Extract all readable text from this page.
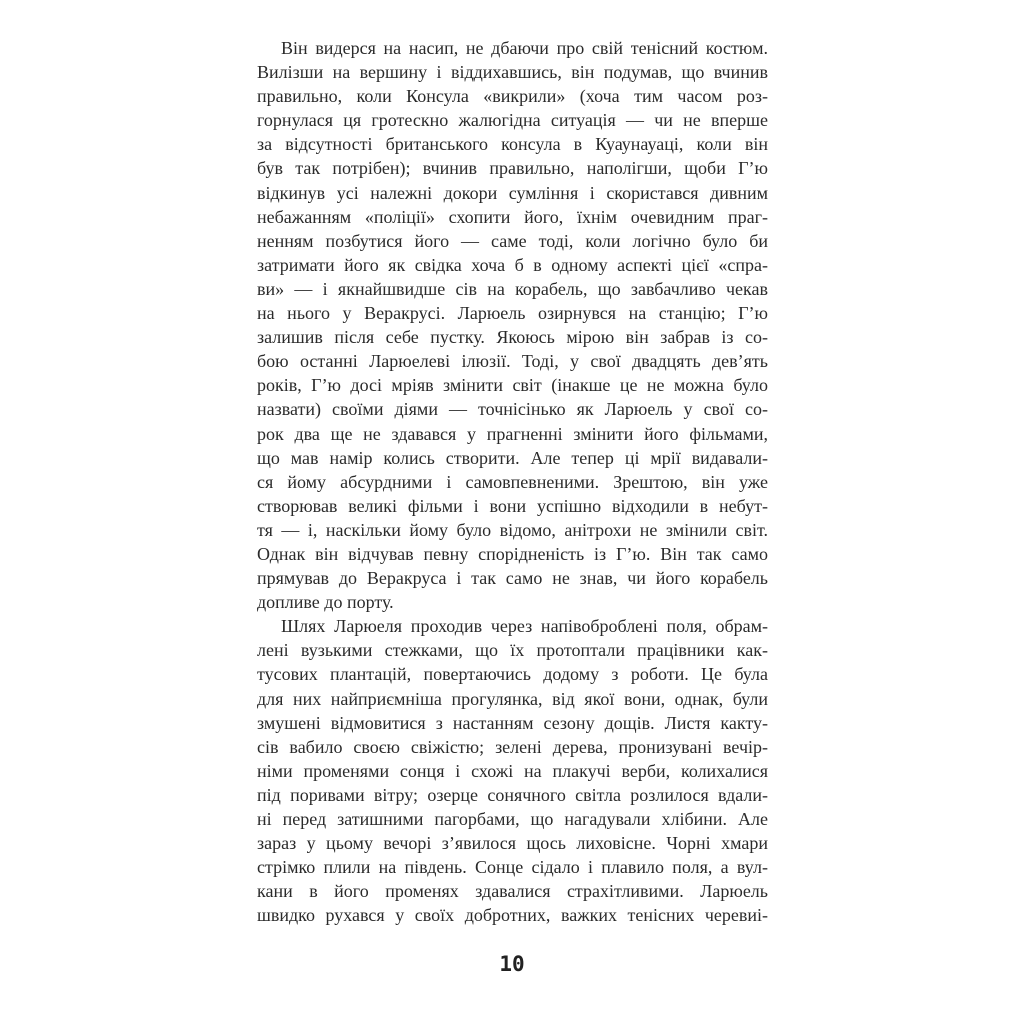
Він видерся на насип, не дбаючи про свій тенісний костюм.
Вилізши на вершину і віддихавшись, він подумав, що вчинив
правильно, коли Консула «викрили» (хоча тим часом роз-
горнулася ця гротескно жалюгідна ситуація — чи не вперше
за відсутності британського консула в Куаунауаці, коли він
був так потрібен); вчинив правильно, наполігши, щоби Г’ю
відкинув усі належні докори сумління і скористався дивним
небажанням «поліції» схопити його, їхнім очевидним праг-
ненням позбутися його — саме тоді, коли логічно було би
затримати його як свідка хоча б в одному аспекті цієї «спра-
ви» — і якнайшвидше сів на корабель, що завбачливо чекав
на нього у Веракрусі. Ларюель озирнувся на станцію; Г’ю
залишив після себе пустку. Якоюсь мірою він забрав із со-
бою останні Ларюелеві ілюзії. Тоді, у свої двадцять дев’ять
років, Г’ю досі мріяв змінити світ (інакше це не можна було
назвати) своїми діями — точнісінько як Ларюель у свої со-
рок два ще не здавався у прагненні змінити його фільмами,
що мав намір колись створити. Але тепер ці мрії видавали-
ся йому абсурдними і самовпевненими. Зрештою, він уже
створював великі фільми і вони успішно відходили в небут-
тя — і, наскільки йому було відомо, анітрохи не змінили світ.
Однак він відчував певну спорідненість із Г’ю. Він так само
прямував до Веракруса і так само не знав, чи його корабель
допливе до порту.
Шлях Ларюеля проходив через напівоброблені поля, обрам-
лені вузькими стежками, що їх протоптали працівники как-
тусових плантацій, повертаючись додому з роботи. Це була
для них найприємніша прогулянка, від якої вони, однак, були
змушені відмовитися з настанням сезону дощів. Листя какту-
сів вабило своєю свіжістю; зелені дерева, пронизувані вечір-
німи променями сонця і схожі на плакучі верби, колихалися
під поривами вітру; озерце сонячного світла розлилося вдали-
ні перед затишними пагорбами, що нагадували хлібини. Але
зараз у цьому вечорі з’явилося щось лиховісне. Чорні хмари
стрімко плили на південь. Сонце сідало і плавило поля, а вул-
кани в його променях здавалися страхітливими. Ларюель
швидко рухався у своїх добротних, важких тенісних черевиі-
10
